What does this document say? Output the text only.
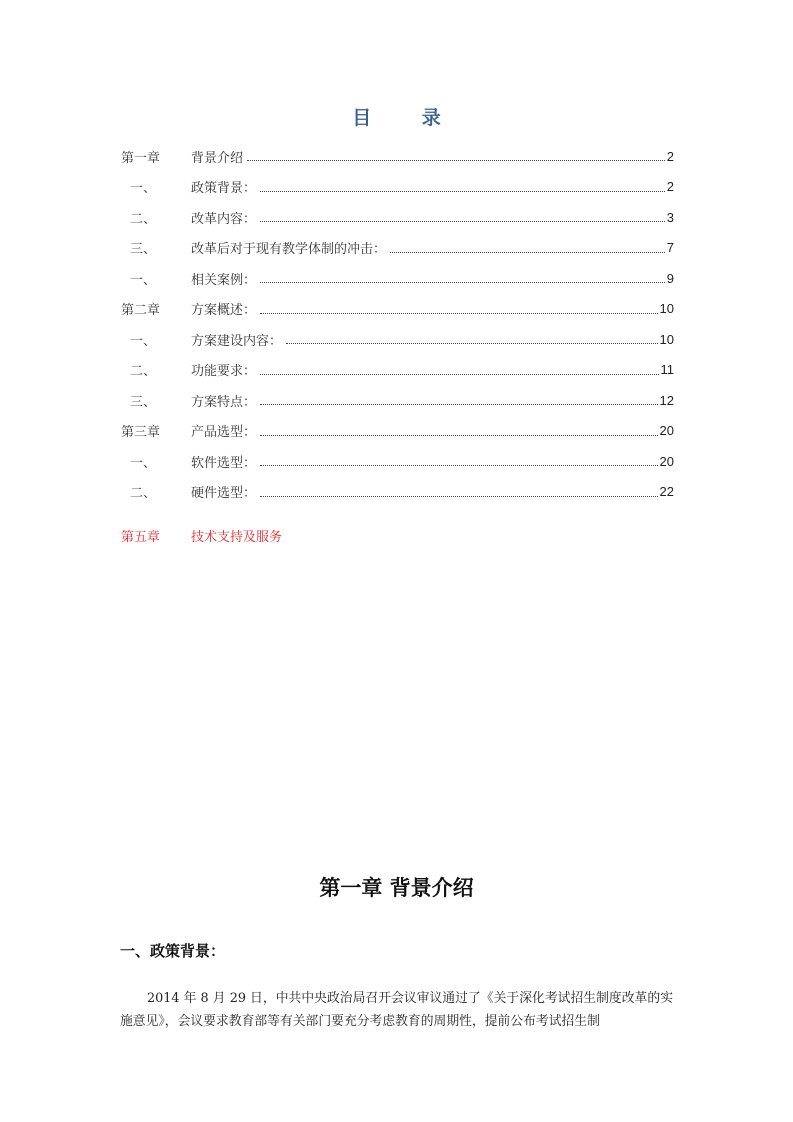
目 录
第一章	背景介绍	2
一、	政策背景：	2
二、	改革内容：	3
三、	改革后对于现有教学体制的冲击：	7
一、	相关案例：	9
第二章	方案概述：	10
一、	方案建设内容：	10
二、	功能要求：	11
三、	方案特点：	12
第三章	产品选型：	20
一、	软件选型：	20
二、	硬件选型：	22
第五章	技术支持及服务
第一章 背景介绍
一、政策背景：
2014 年 8 月 29 日，中共中央政治局召开会议审议通过了《关于深化考试招生制度改革的实施意见》，会议要求教育部等有关部门要充分考虑教育的周期性，提前公布考试招生制
